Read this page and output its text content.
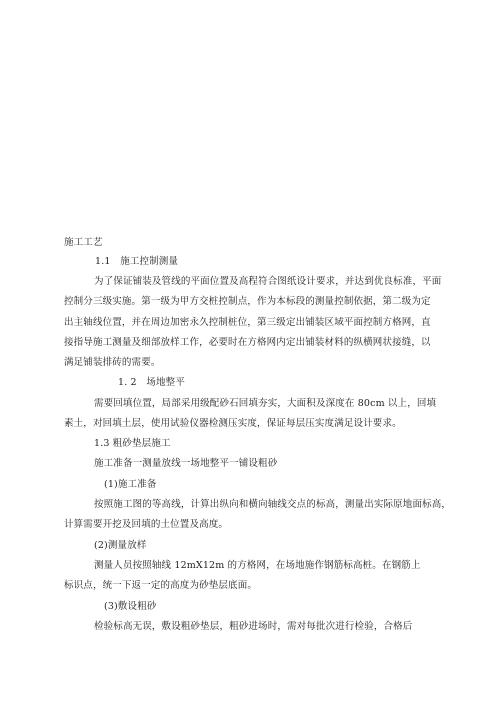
施工工艺
1.1　施工控制测量
为了保证铺装及管线的平面位置及高程符合图纸设计要求，并达到优良标准，平面
控制分三级实施。第一级为甲方交桩控制点，作为本标段的测量控制依据，第二级为定
出主轴线位置，并在周边加密永久控制桩位，第三级定出铺装区域平面控制方格网，直
接指导施工测量及细部放样工作，必要时在方格网内定出铺装材料的纵横网状接缝，以
满足铺装排砖的需要。
1. 2　场地整平
需要回填位置，局部采用级配砂石回填夯实，大面积及深度在 80cm 以上，回填
素土，对回填土层，使用试验仪器检测压实度，保证每层压实度满足设计要求。
1.3 粗砂垫层施工
施工准备一测量放线一场地整平一铺设粗砂
(1)施工准备
按照施工图的等高线，计算出纵向和横向轴线交点的标高，测量出实际原地面标高，
计算需要开挖及回填的土位置及高度。
(2)测量放样
测量人员按照轴线 12mX12m 的方格网，在场地施作钢筋标高桩。在钢筋上
标识点，统一下返一定的高度为砂垫层底面。
(3)敷设粗砂
检验标高无误，敷设粗砂垫层，粗砂进场时，需对每批次进行检验，合格后
